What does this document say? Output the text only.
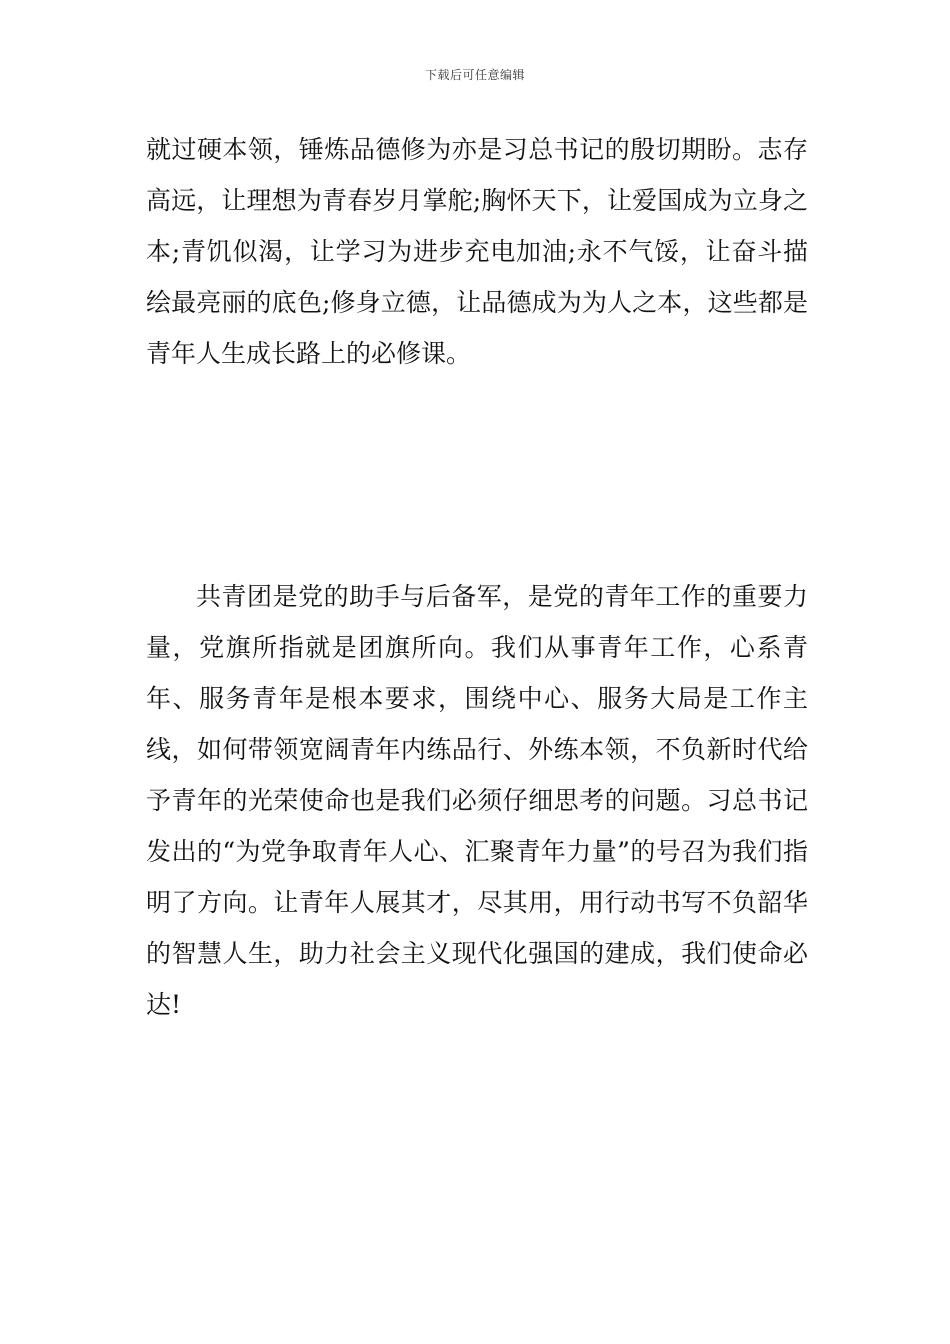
下载后可任意编辑

就过硬本领，锤炼品德修为亦是习总书记的殷切期盼。志存高远，让理想为青春岁月掌舵;胸怀天下，让爱国成为立身之本;青饥似渴，让学习为进步充电加油;永不气馁，让奋斗描绘最亮丽的底色;修身立德，让品德成为为人之本，这些都是青年人生成长路上的必修课。

共青团是党的助手与后备军，是党的青年工作的重要力量，党旗所指就是团旗所向。我们从事青年工作，心系青年、服务青年是根本要求，围绕中心、服务大局是工作主线，如何带领宽阔青年内练品行、外练本领，不负新时代给予青年的光荣使命也是我们必须仔细思考的问题。习总书记发出的“为党争取青年人心、汇聚青年力量”的号召为我们指明了方向。让青年人展其才，尽其用，用行动书写不负韶华的智慧人生，助力社会主义现代化强国的建成，我们使命必达!
